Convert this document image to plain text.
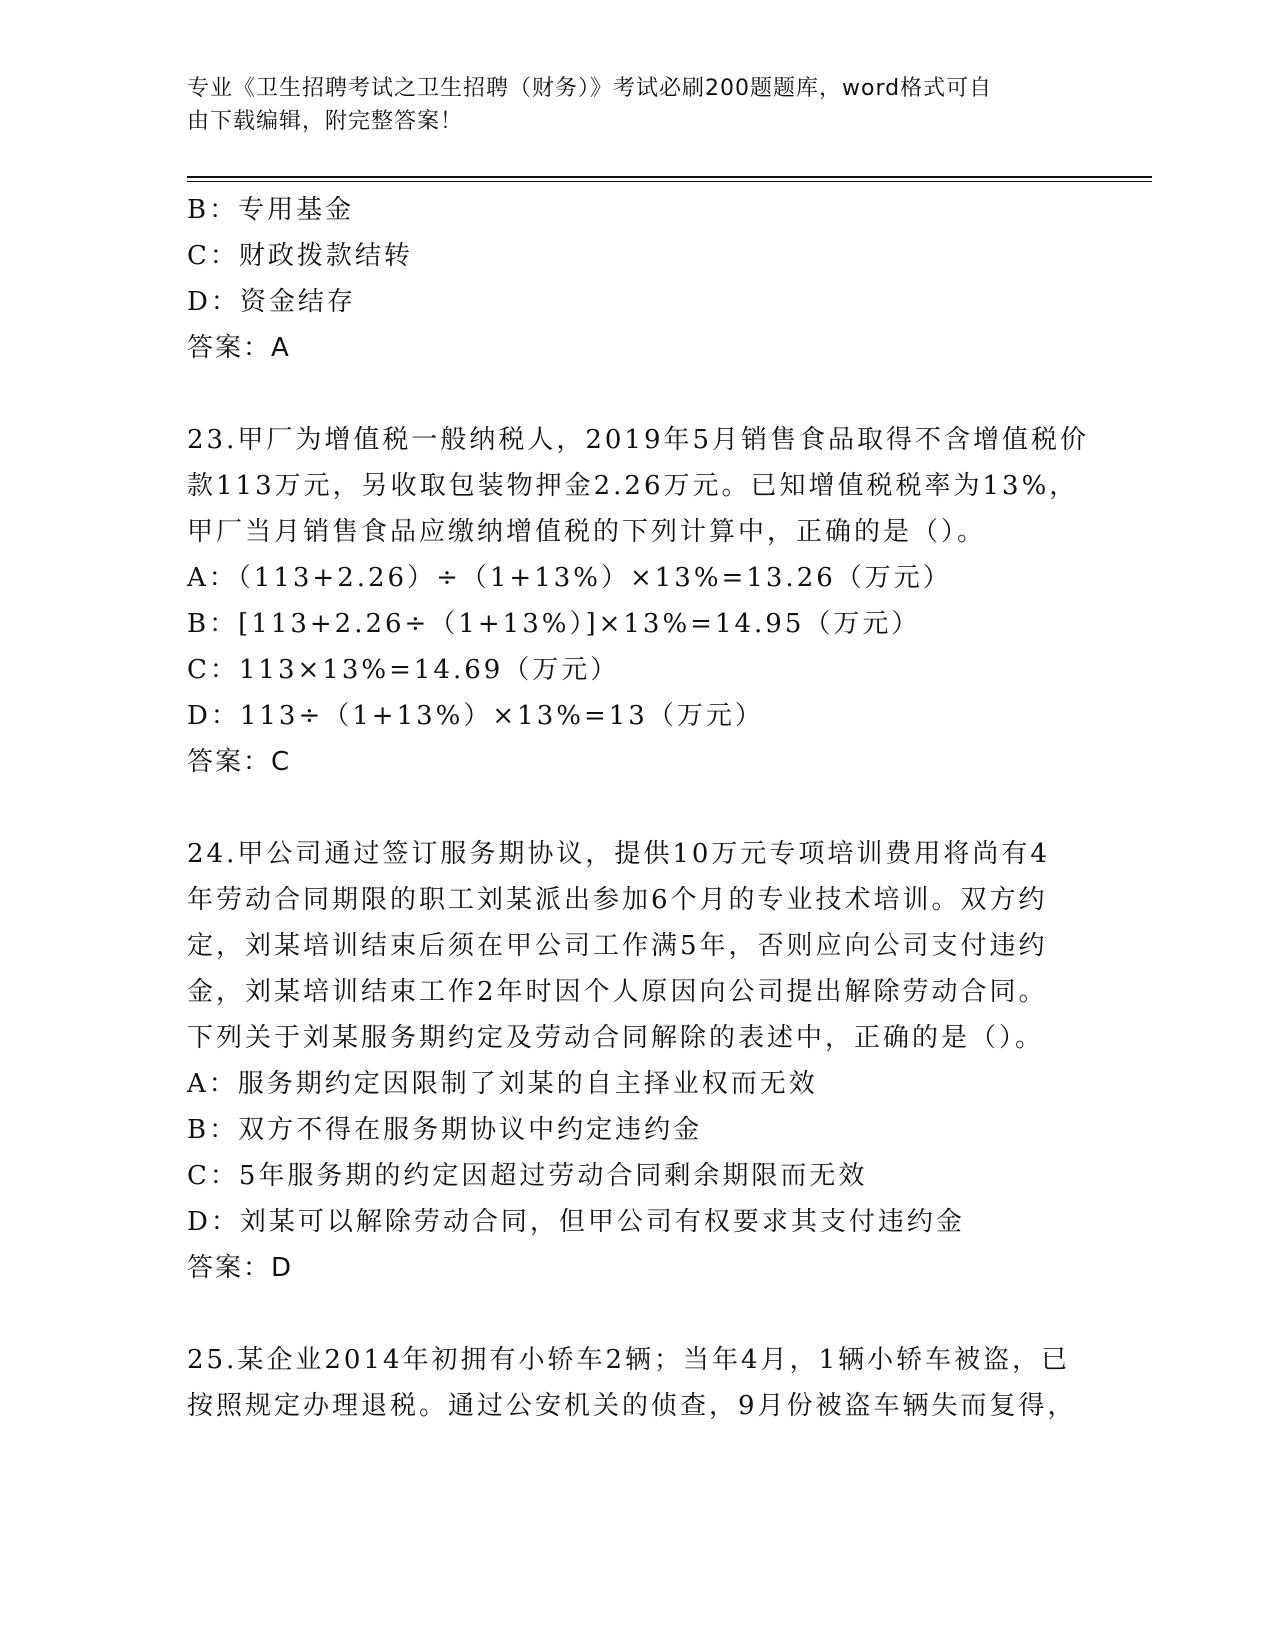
专业《卫生招聘考试之卫生招聘（财务）》考试必刷200题题库，word格式可自
由下载编辑，附完整答案！
B：专用基金
C：财政拨款结转
D：资金结存
答案：A
23.甲厂为增值税一般纳税人，2019年5月销售食品取得不含增值税价
款113万元，另收取包装物押金2.26万元。已知增值税税率为13%，
甲厂当月销售食品应缴纳增值税的下列计算中，正确的是（）。
A：（113+2.26）÷（1+13%）×13%=13.26（万元）
B：[113+2.26÷（1+13%）]×13%=14.95（万元）
C：113×13%=14.69（万元）
D：113÷（1+13%）×13%=13（万元）
答案：C
24.甲公司通过签订服务期协议，提供10万元专项培训费用将尚有4
年劳动合同期限的职工刘某派出参加6个月的专业技术培训。双方约
定，刘某培训结束后须在甲公司工作满5年，否则应向公司支付违约
金，刘某培训结束工作2年时因个人原因向公司提出解除劳动合同。
下列关于刘某服务期约定及劳动合同解除的表述中，正确的是（）。
A：服务期约定因限制了刘某的自主择业权而无效
B：双方不得在服务期协议中约定违约金
C：5年服务期的约定因超过劳动合同剩余期限而无效
D：刘某可以解除劳动合同，但甲公司有权要求其支付违约金
答案：D
25.某企业2014年初拥有小轿车2辆；当年4月，1辆小轿车被盗，已
按照规定办理退税。通过公安机关的侦查，9月份被盗车辆失而复得，
